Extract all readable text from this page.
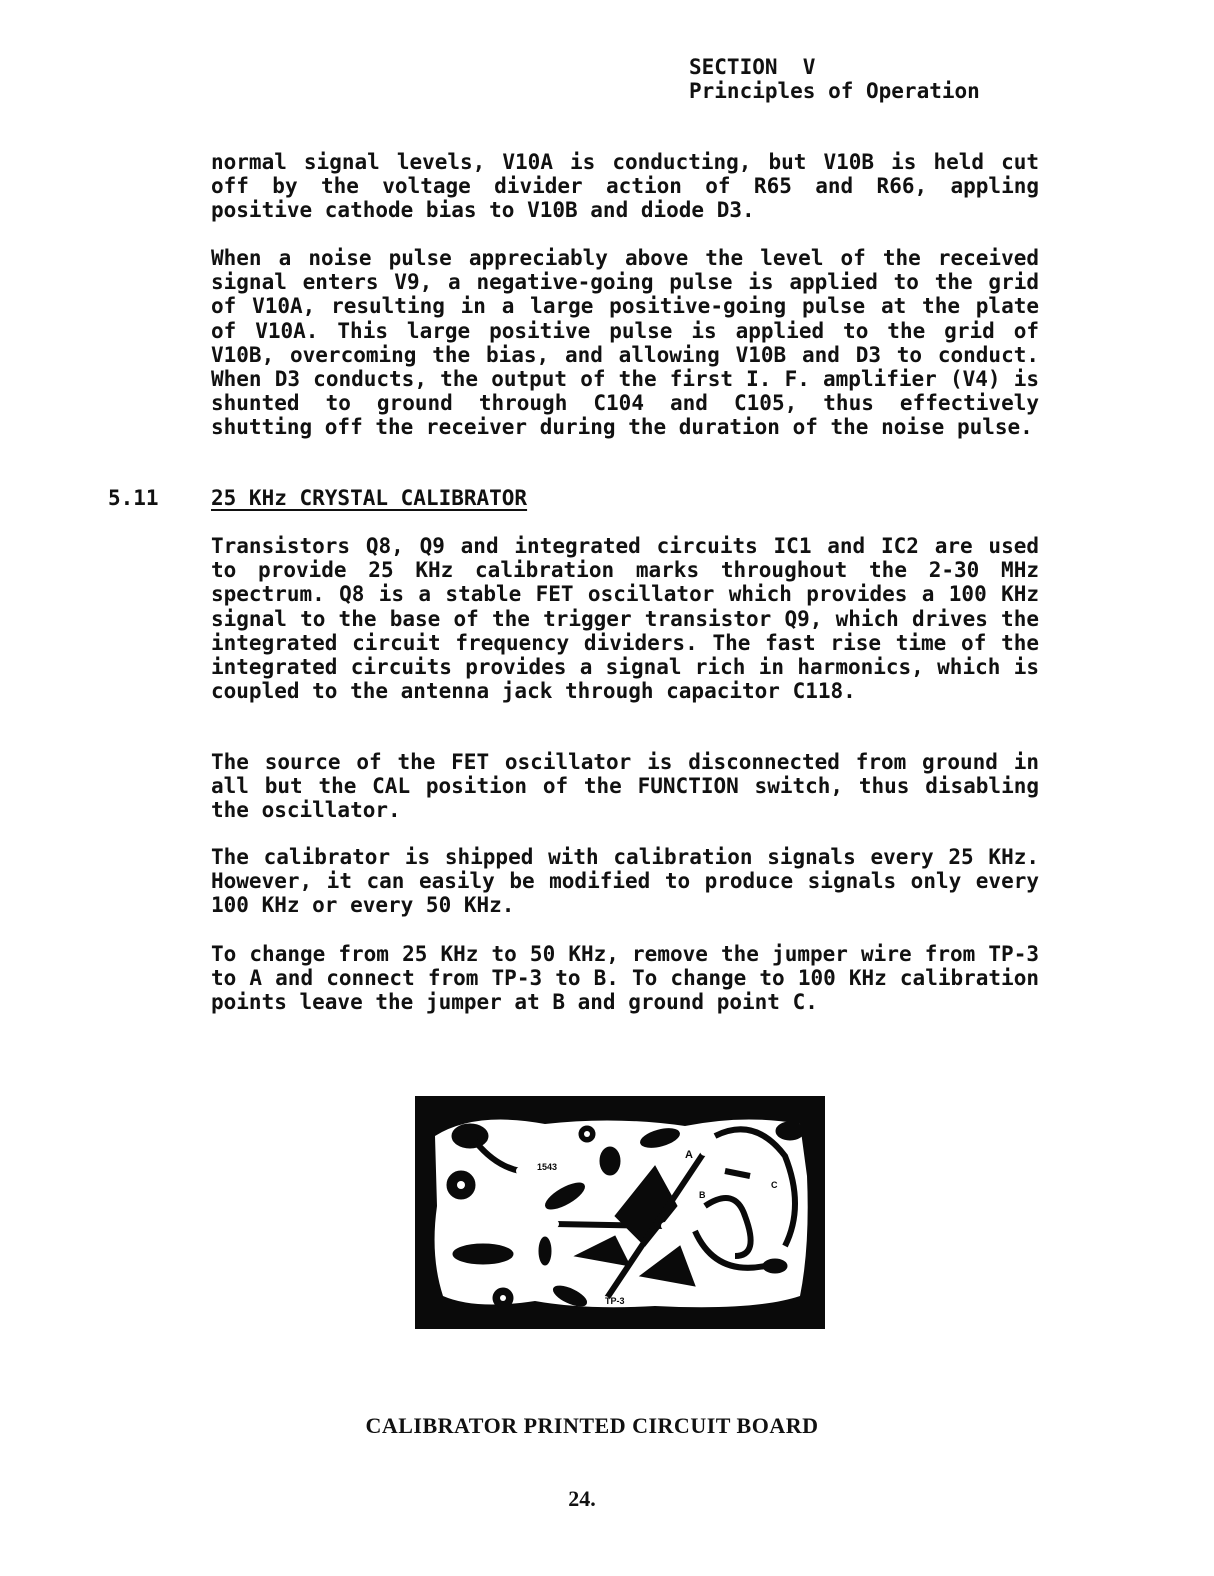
SECTION  V
Principles of Operation

normal signal levels, V10A is conducting, but V10B is held cut off by the voltage divider action of R65 and R66, appling positive cathode bias to V10B and diode D3.

When a noise pulse appreciably above the level of the received signal enters V9, a negative-going pulse is applied to the grid of V10A, resulting in a large positive-going pulse at the plate of V10A. This large positive pulse is applied to the grid of V10B, overcoming the bias, and allowing V10B and D3 to conduct. When D3 conducts, the output of the first I. F. amplifier (V4) is shunted to ground through C104 and C105, thus effectively shutting off the receiver during the duration of the noise pulse.

5.11 25 KHz CRYSTAL CALIBRATOR

Transistors Q8, Q9 and integrated circuits IC1 and IC2 are used to provide 25 KHz calibration marks throughout the 2-30 MHz spectrum. Q8 is a stable FET oscillator which provides a 100 KHz signal to the base of the trigger transistor Q9, which drives the integrated circuit frequency dividers. The fast rise time of the integrated circuits provides a signal rich in harmonics, which is coupled to the antenna jack through capacitor C118.

The source of the FET oscillator is disconnected from ground in all but the CAL position of the FUNCTION switch, thus disabling the oscillator.

The calibrator is shipped with calibration signals every 25 KHz. However, it can easily be modified to produce signals only every 100 KHz or every 50 KHz.

To change from 25 KHz to 50 KHz, remove the jumper wire from TP-3 to A and connect from TP-3 to B. To change to 100 KHz calibration points leave the jumper at B and ground point C.

1543
A
B
C
TP-3
CALIBRATOR PRINTED CIRCUIT BOARD
24.
